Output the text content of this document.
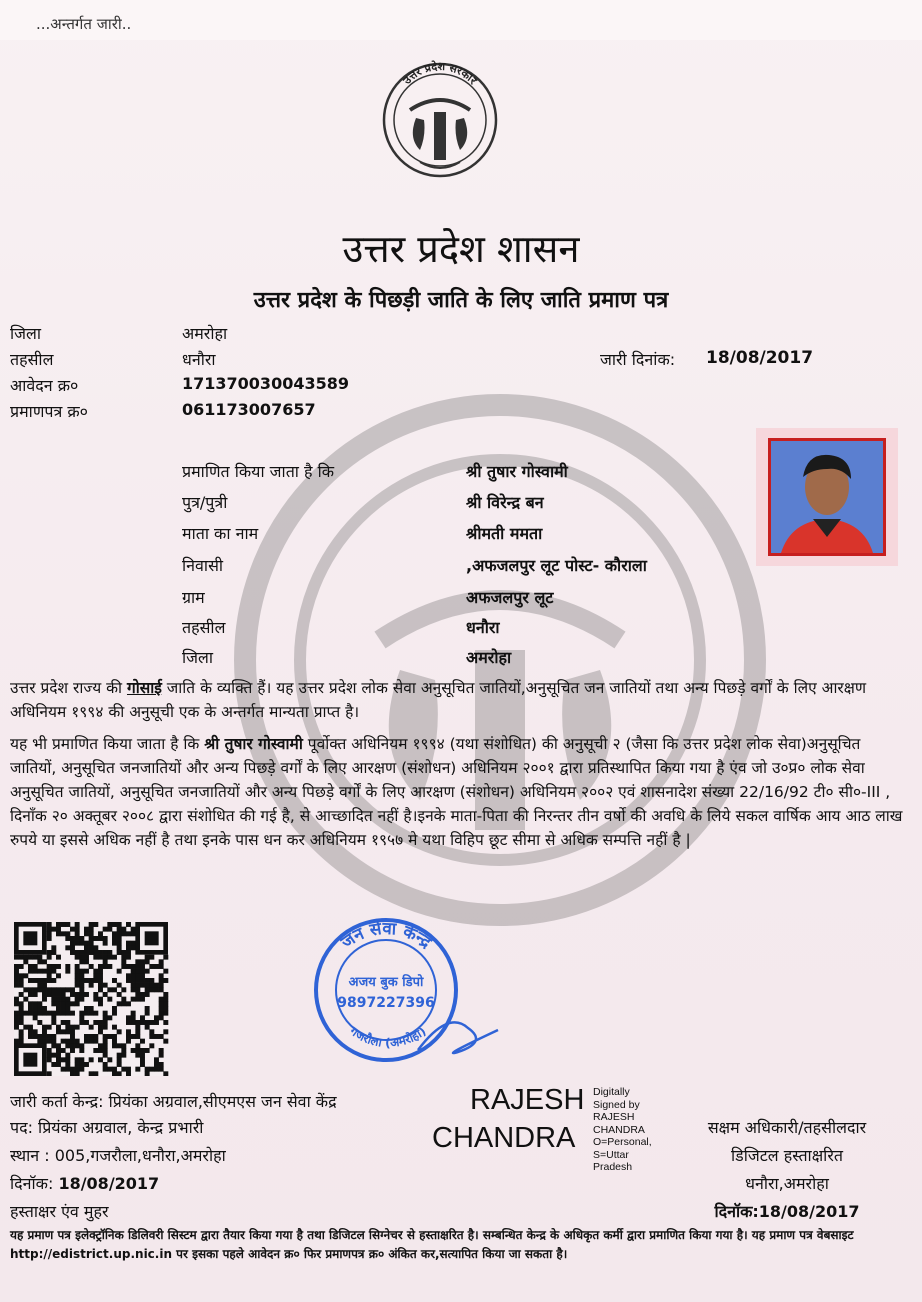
...अन्तर्गत जारी..
उत्तर प्रदेश सरकार
उत्तर प्रदेश शासन
उत्तर प्रदेश के पिछड़ी जाति के लिए जाति प्रमाण पत्र
जिला	अमरोहा
तहसील	धनौरा
आवेदन क्र०	171370030043589
प्रमाणपत्र क्र०	061173007657
जारी दिनांक: 18/08/2017
प्रमाणित किया जाता है कि	श्री तुषार गोस्वामी
पुत्र/पुत्री	श्री विरेन्द्र बन
माता का नाम	श्रीमती ममता
निवासी	,अफजलपुर लूट पोस्ट- कौराला
ग्राम	अफजलपुर लूट
तहसील	धनौरा
जिला	अमरोहा
उत्तर प्रदेश राज्य की गोसाई जाति के व्यक्ति हैं। यह उत्तर प्रदेश लोक सेवा अनुसूचित जातियों,अनुसूचित जन जातियों तथा अन्य पिछड़े वर्गों के लिए आरक्षण अधिनियम १९९४ की अनुसूची एक के अन्तर्गत मान्यता प्राप्त है।
यह भी प्रमाणित किया जाता है कि श्री तुषार गोस्वामी पूर्वोक्त अधिनियम १९९४ (यथा संशोधित) की अनुसूची २ (जैसा कि उत्तर प्रदेश लोक सेवा)अनुसूचित जातियों, अनुसूचित जनजातियों और अन्य पिछड़े वर्गों के लिए आरक्षण (संशोधन) अधिनियम २००१ द्वारा प्रतिस्थापित किया गया है एंव जो उ०प्र० लोक सेवा अनुसूचित जातियों, अनुसूचित जनजातियों और अन्य पिछड़े वर्गों के लिए आरक्षण (संशोधन) अधिनियम २००२ एवं शासनादेश संख्या 22/16/92 टी० सी०-III , दिनाँक २० अक्तूबर २००८ द्वारा संशोधित की गई है, से आच्छादित नहीं है।इनके माता-पिता की निरन्तर तीन वर्षो की अवधि के लिये सकल वार्षिक आय आठ लाख रुपये या इससे अधिक नहीं है तथा इनके पास धन कर अधिनियम १९५७ मे यथा विहिप छूट सीमा से अधिक सम्पत्ति नहीं है |
जन सेवा केन्द्र
अजय बुक डिपो
9897227396
गजरौला (अमरोहा)
जारी कर्ता केन्द्र: प्रियंका अग्रवाल,सीएमएस जन सेवा केंद्र
पद: प्रियंका अग्रवाल, केन्द्र प्रभारी
स्थान : 005,गजरौला,धनौरा,अमरोहा
दिनॉक: 18/08/2017
हस्ताक्षर एंव मुहर
RAJESH
CHANDRA
Digitally
Signed by
RAJESH
CHANDRA
O=Personal,
S=Uttar
Pradesh
सक्षम अधिकारी/तहसीलदार
डिजिटल हस्ताक्षरित
धनौरा,अमरोहा
दिनॉक:18/08/2017
यह प्रमाण पत्र इलेक्ट्रॉनिक डिलिवरी सिस्टम द्वारा तैयार किया गया है तथा डिजिटल सिग्नेचर से हस्ताक्षरित है। सम्बन्धित केन्द्र के अधिकृत कर्मी द्वारा प्रमाणित किया गया है। यह प्रमाण पत्र वेबसाइट http://edistrict.up.nic.in पर इसका पहले आवेदन क्र० फिर प्रमाणपत्र क्र० अंकित कर,सत्यापित किया जा सकता है।
